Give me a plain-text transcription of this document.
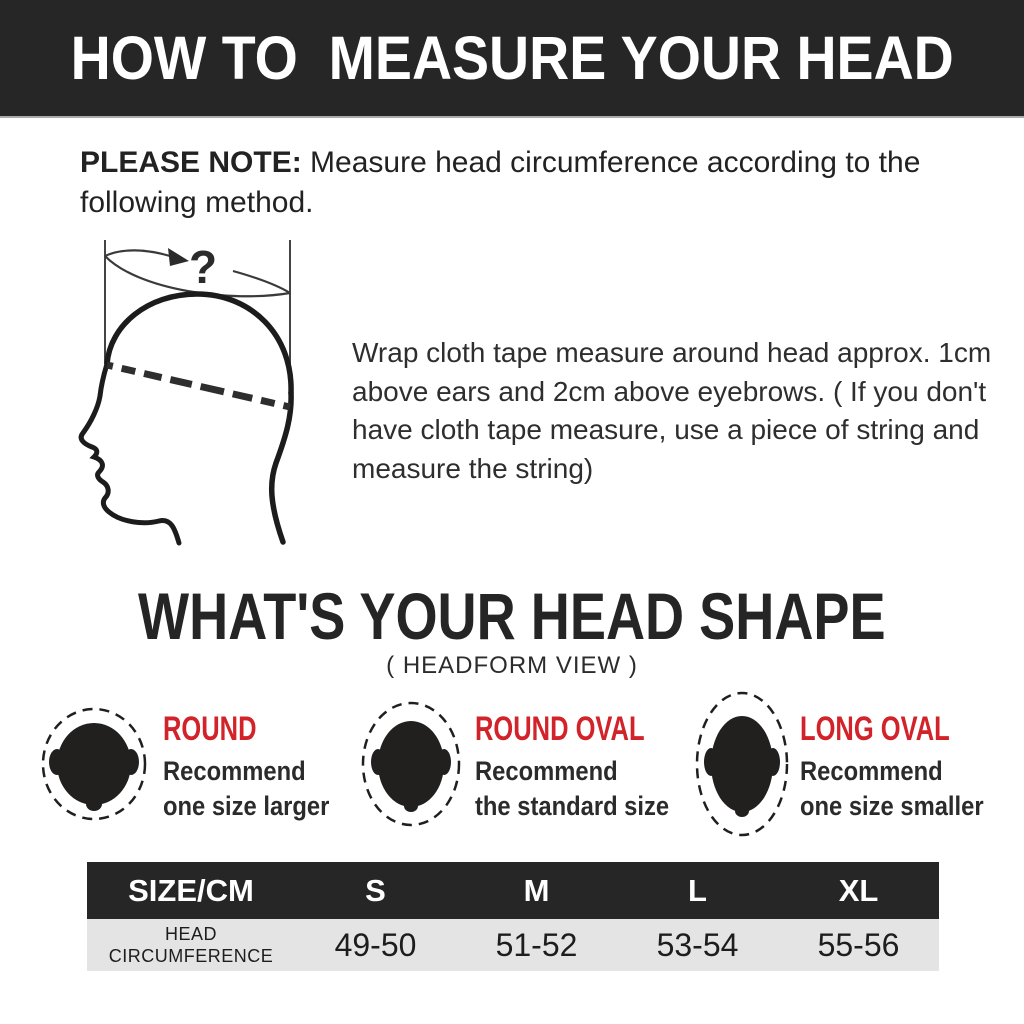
HOW TO  MEASURE YOUR HEAD

PLEASE NOTE: Measure head circumference according to the following method.

?

Wrap cloth tape measure around head approx. 1cm above ears and 2cm above eyebrows. ( If you don't have cloth tape measure, use a piece of string and measure the string)

WHAT'S YOUR HEAD SHAPE
( HEADFORM VIEW )
ROUND
Recommend
one size larger
ROUND OVAL
Recommend
the standard size
LONG OVAL
Recommend
one size smaller
SIZE/CM	S	M	L	XL

HEAD
CIRCUMFERENCE	49-50	51-52	53-54	55-56
